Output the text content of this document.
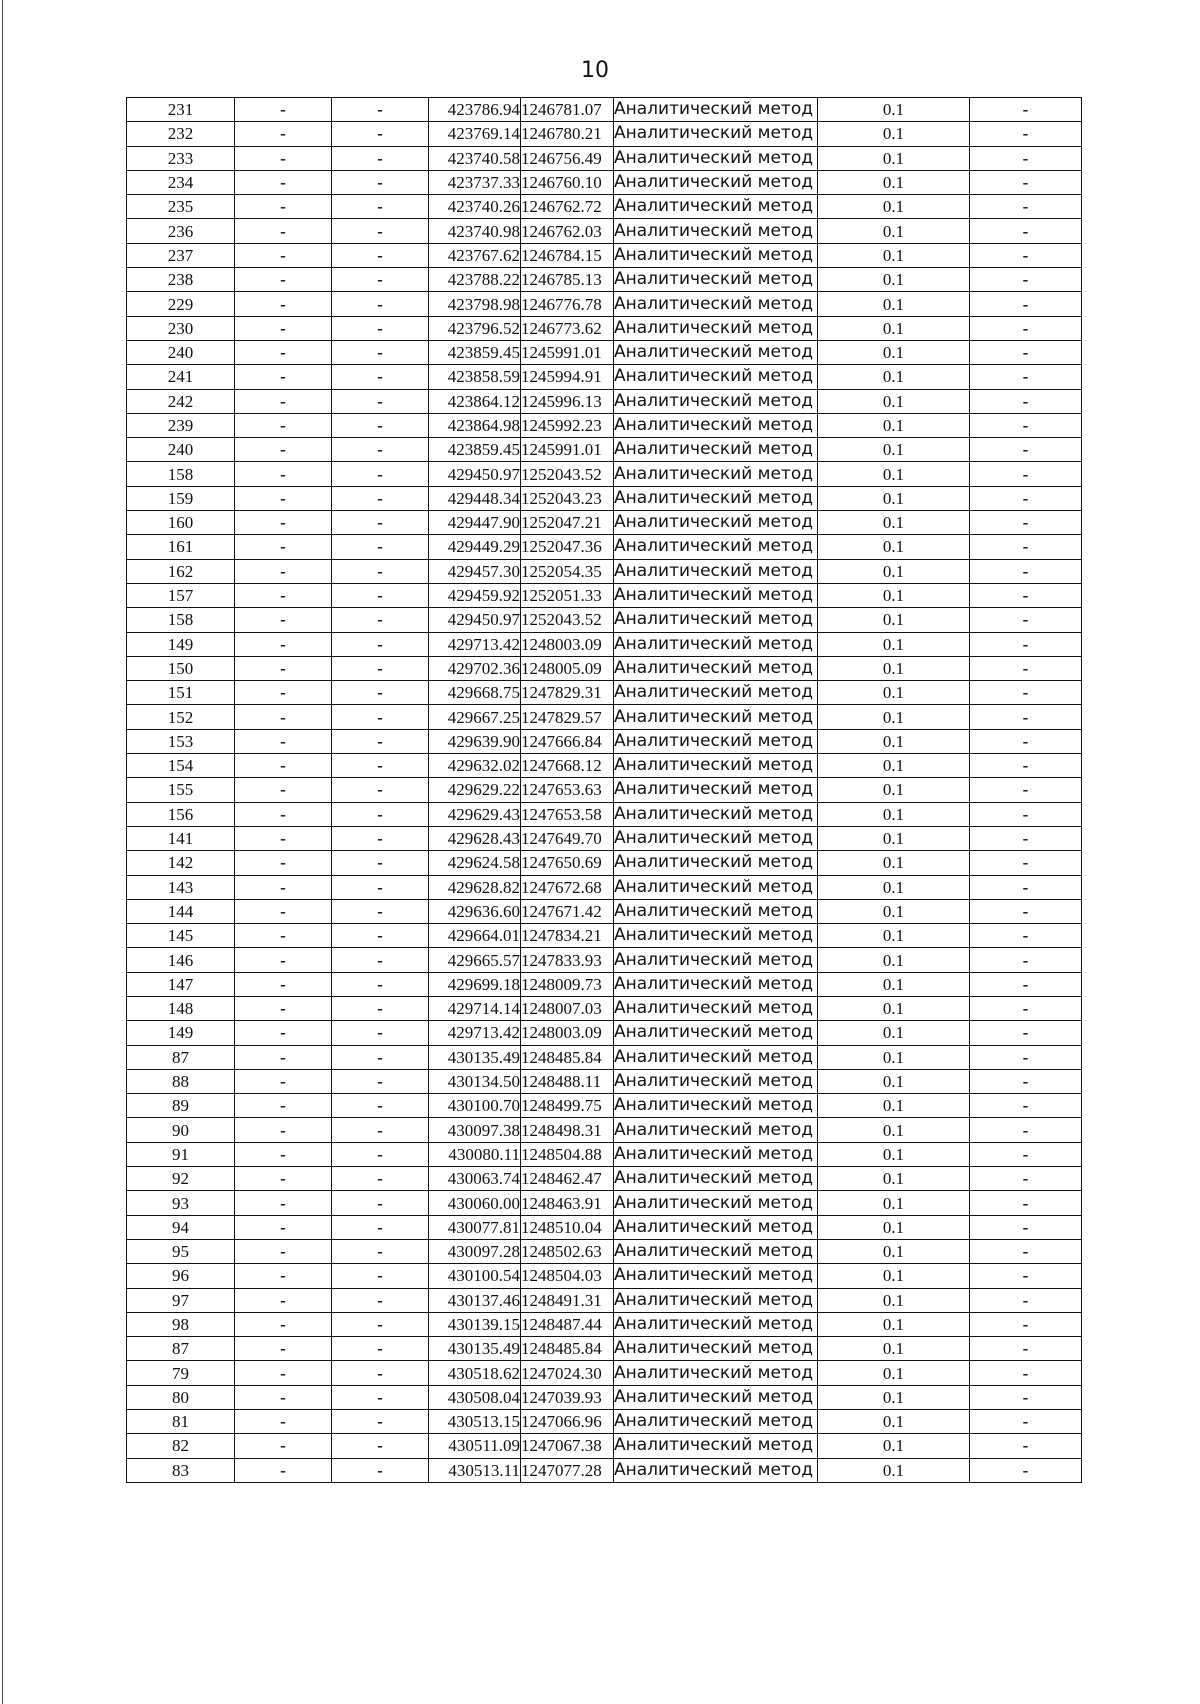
10
231	-	-	423786.94	1246781.07	Аналитический метод	0.1	-
232	-	-	423769.14	1246780.21	Аналитический метод	0.1	-
233	-	-	423740.58	1246756.49	Аналитический метод	0.1	-
234	-	-	423737.33	1246760.10	Аналитический метод	0.1	-
235	-	-	423740.26	1246762.72	Аналитический метод	0.1	-
236	-	-	423740.98	1246762.03	Аналитический метод	0.1	-
237	-	-	423767.62	1246784.15	Аналитический метод	0.1	-
238	-	-	423788.22	1246785.13	Аналитический метод	0.1	-
229	-	-	423798.98	1246776.78	Аналитический метод	0.1	-
230	-	-	423796.52	1246773.62	Аналитический метод	0.1	-
240	-	-	423859.45	1245991.01	Аналитический метод	0.1	-
241	-	-	423858.59	1245994.91	Аналитический метод	0.1	-
242	-	-	423864.12	1245996.13	Аналитический метод	0.1	-
239	-	-	423864.98	1245992.23	Аналитический метод	0.1	-
240	-	-	423859.45	1245991.01	Аналитический метод	0.1	-
158	-	-	429450.97	1252043.52	Аналитический метод	0.1	-
159	-	-	429448.34	1252043.23	Аналитический метод	0.1	-
160	-	-	429447.90	1252047.21	Аналитический метод	0.1	-
161	-	-	429449.29	1252047.36	Аналитический метод	0.1	-
162	-	-	429457.30	1252054.35	Аналитический метод	0.1	-
157	-	-	429459.92	1252051.33	Аналитический метод	0.1	-
158	-	-	429450.97	1252043.52	Аналитический метод	0.1	-
149	-	-	429713.42	1248003.09	Аналитический метод	0.1	-
150	-	-	429702.36	1248005.09	Аналитический метод	0.1	-
151	-	-	429668.75	1247829.31	Аналитический метод	0.1	-
152	-	-	429667.25	1247829.57	Аналитический метод	0.1	-
153	-	-	429639.90	1247666.84	Аналитический метод	0.1	-
154	-	-	429632.02	1247668.12	Аналитический метод	0.1	-
155	-	-	429629.22	1247653.63	Аналитический метод	0.1	-
156	-	-	429629.43	1247653.58	Аналитический метод	0.1	-
141	-	-	429628.43	1247649.70	Аналитический метод	0.1	-
142	-	-	429624.58	1247650.69	Аналитический метод	0.1	-
143	-	-	429628.82	1247672.68	Аналитический метод	0.1	-
144	-	-	429636.60	1247671.42	Аналитический метод	0.1	-
145	-	-	429664.01	1247834.21	Аналитический метод	0.1	-
146	-	-	429665.57	1247833.93	Аналитический метод	0.1	-
147	-	-	429699.18	1248009.73	Аналитический метод	0.1	-
148	-	-	429714.14	1248007.03	Аналитический метод	0.1	-
149	-	-	429713.42	1248003.09	Аналитический метод	0.1	-
87	-	-	430135.49	1248485.84	Аналитический метод	0.1	-
88	-	-	430134.50	1248488.11	Аналитический метод	0.1	-
89	-	-	430100.70	1248499.75	Аналитический метод	0.1	-
90	-	-	430097.38	1248498.31	Аналитический метод	0.1	-
91	-	-	430080.11	1248504.88	Аналитический метод	0.1	-
92	-	-	430063.74	1248462.47	Аналитический метод	0.1	-
93	-	-	430060.00	1248463.91	Аналитический метод	0.1	-
94	-	-	430077.81	1248510.04	Аналитический метод	0.1	-
95	-	-	430097.28	1248502.63	Аналитический метод	0.1	-
96	-	-	430100.54	1248504.03	Аналитический метод	0.1	-
97	-	-	430137.46	1248491.31	Аналитический метод	0.1	-
98	-	-	430139.15	1248487.44	Аналитический метод	0.1	-
87	-	-	430135.49	1248485.84	Аналитический метод	0.1	-
79	-	-	430518.62	1247024.30	Аналитический метод	0.1	-
80	-	-	430508.04	1247039.93	Аналитический метод	0.1	-
81	-	-	430513.15	1247066.96	Аналитический метод	0.1	-
82	-	-	430511.09	1247067.38	Аналитический метод	0.1	-
83	-	-	430513.11	1247077.28	Аналитический метод	0.1	-
